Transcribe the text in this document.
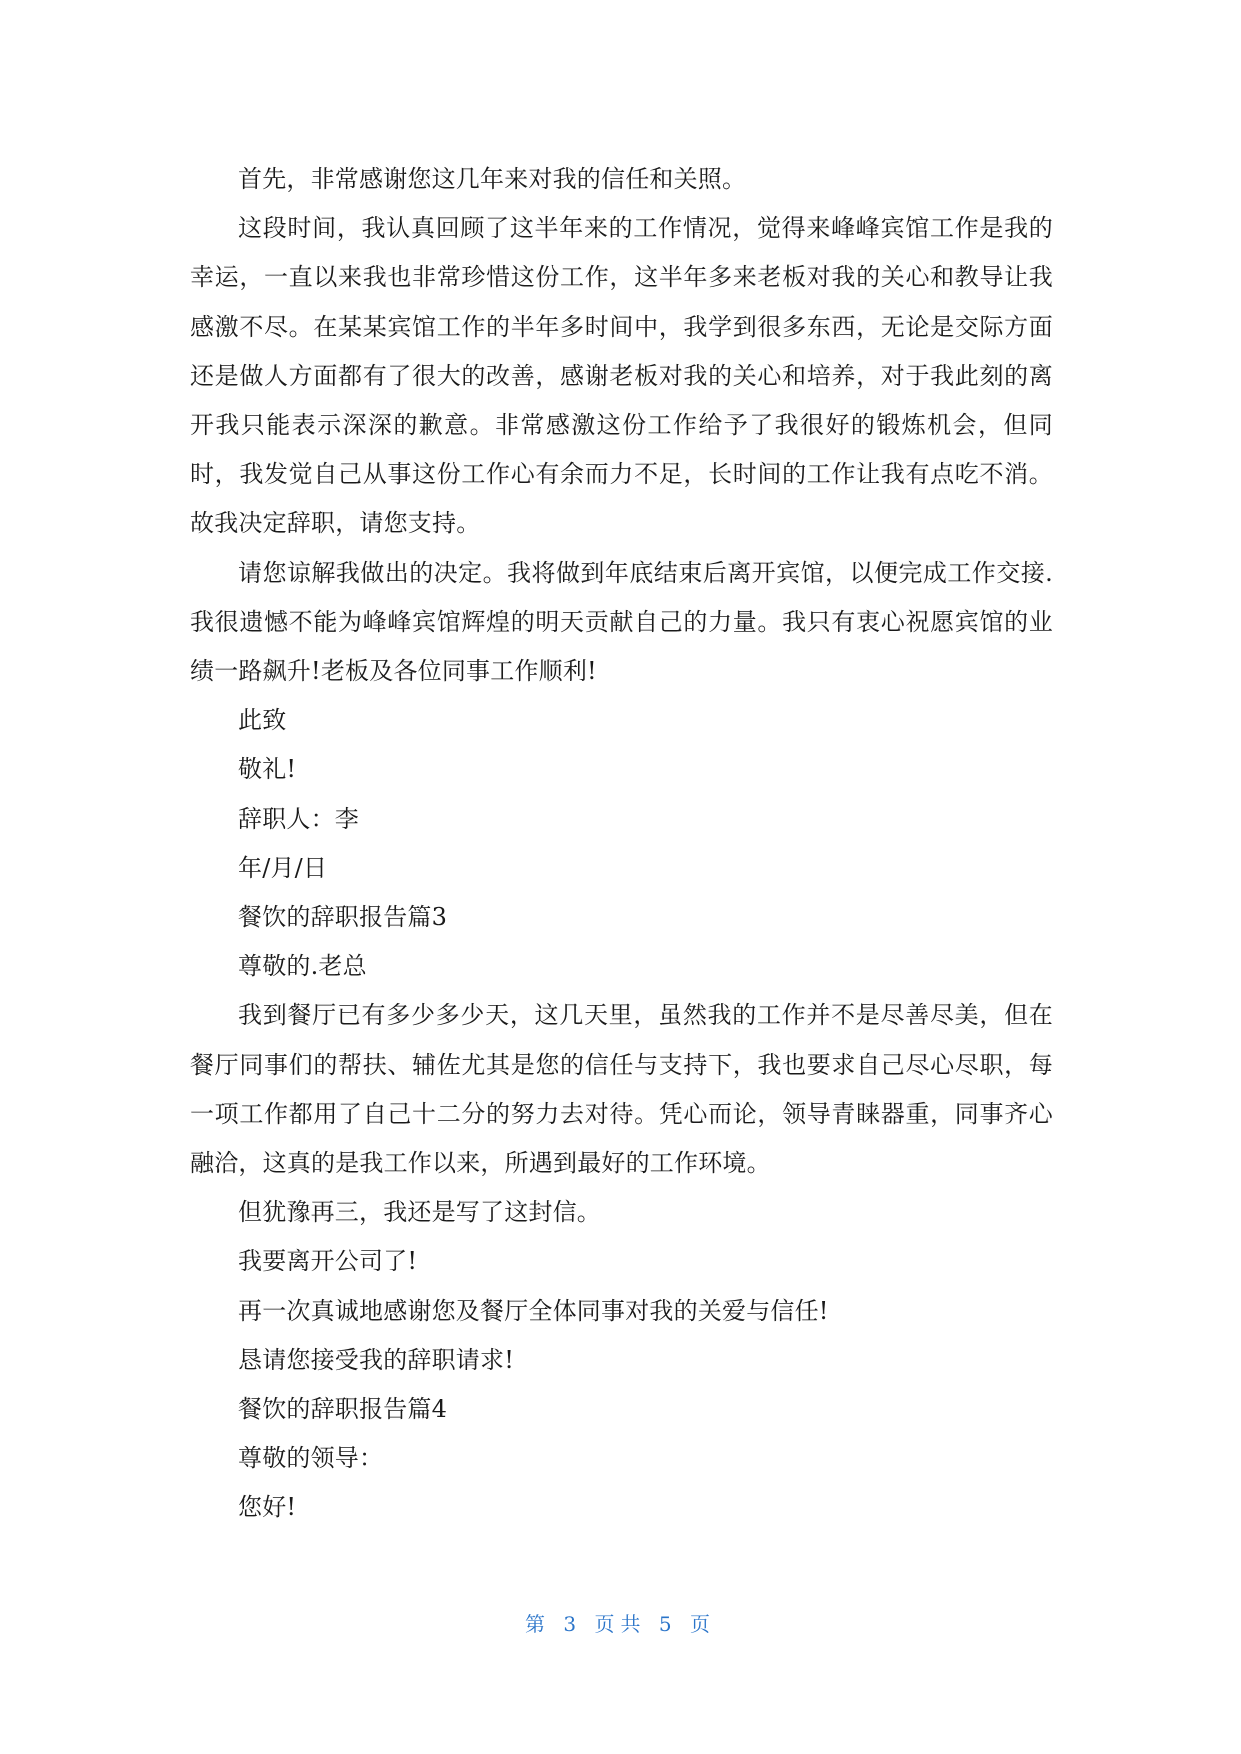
首先，非常感谢您这几年来对我的信任和关照。

这段时间，我认真回顾了这半年来的工作情况，觉得来峰峰宾馆工作是我的幸运，一直以来我也非常珍惜这份工作，这半年多来老板对我的关心和教导让我感激不尽。在某某宾馆工作的半年多时间中，我学到很多东西，无论是交际方面还是做人方面都有了很大的改善，感谢老板对我的关心和培养，对于我此刻的离开我只能表示深深的歉意。非常感激这份工作给予了我很好的锻炼机会，但同时，我发觉自己从事这份工作心有余而力不足，长时间的工作让我有点吃不消。故我决定辞职，请您支持。

请您谅解我做出的决定。我将做到年底结束后离开宾馆，以便完成工作交接.我很遗憾不能为峰峰宾馆辉煌的明天贡献自己的力量。我只有衷心祝愿宾馆的业绩一路飙升!老板及各位同事工作顺利!

此致

敬礼!

辞职人：李

年/月/日

餐饮的辞职报告篇3

尊敬的.老总

我到餐厅已有多少多少天，这几天里，虽然我的工作并不是尽善尽美，但在餐厅同事们的帮扶、辅佐尤其是您的信任与支持下，我也要求自己尽心尽职，每一项工作都用了自己十二分的努力去对待。凭心而论，领导青睐器重，同事齐心融洽，这真的是我工作以来，所遇到最好的工作环境。

但犹豫再三，我还是写了这封信。

我要离开公司了!

再一次真诚地感谢您及餐厅全体同事对我的关爱与信任!

恳请您接受我的辞职请求!

餐饮的辞职报告篇4

尊敬的领导：

您好!

第 3 页共 5 页
